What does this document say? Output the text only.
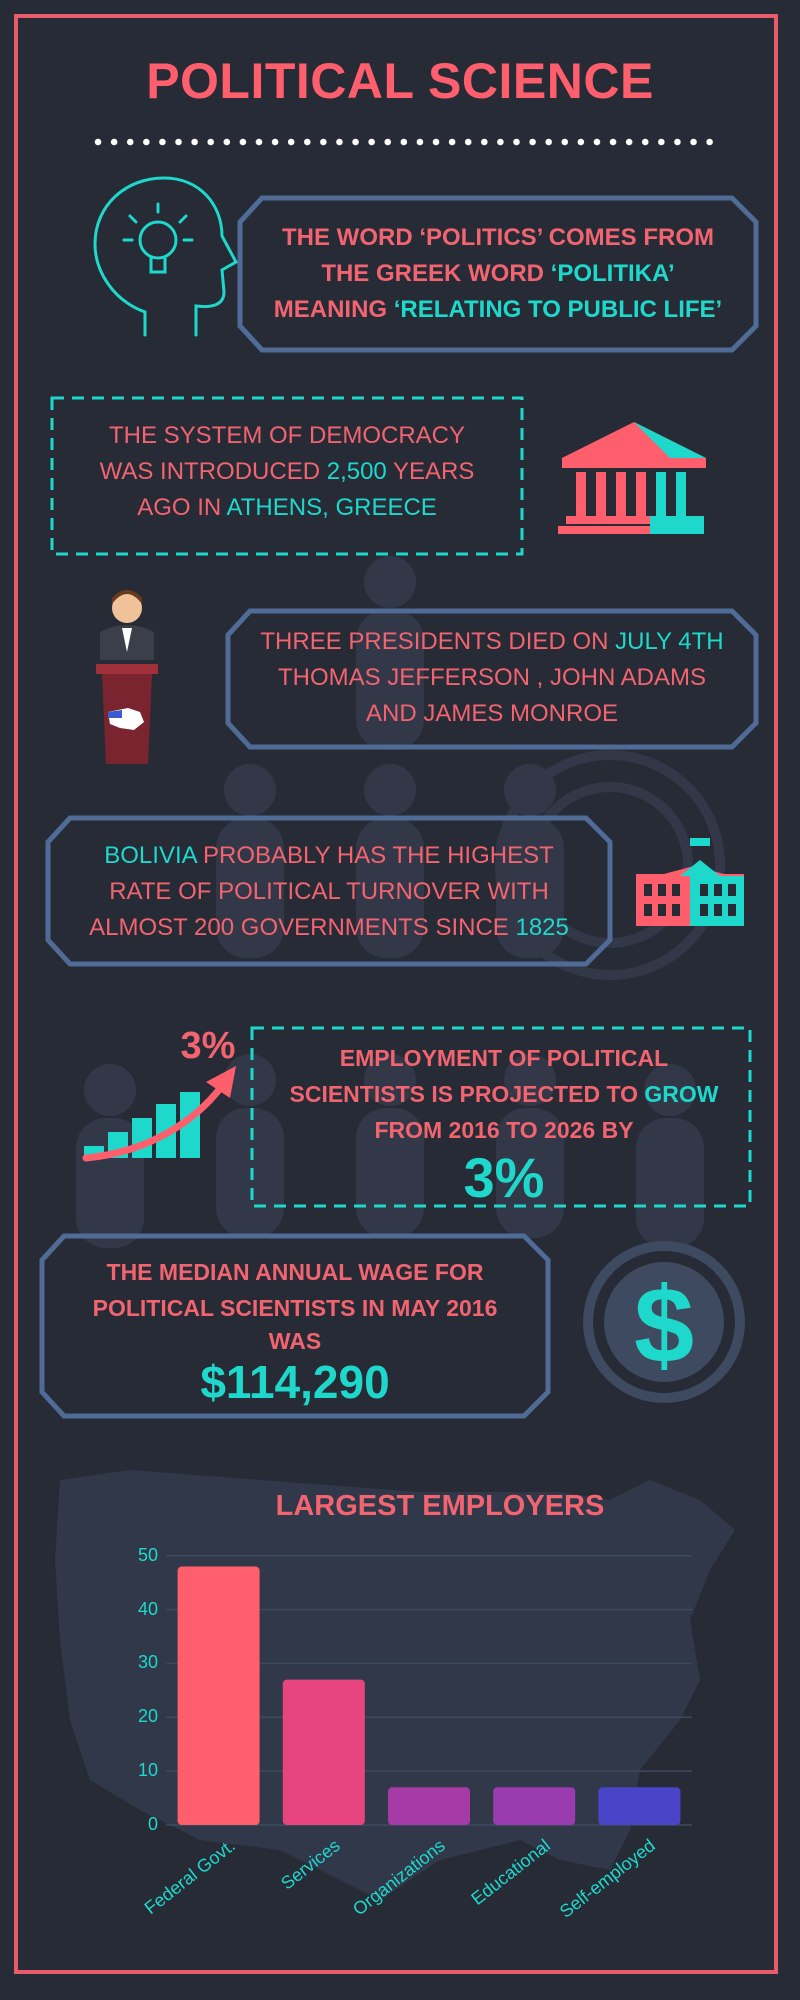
$
POLITICAL SCIENCE
THE WORD ‘POLITICS’ COMES FROM
THE GREEK WORD ‘POLITIKA’
MEANING ‘RELATING TO PUBLIC LIFE’
THE SYSTEM OF DEMOCRACY
WAS INTRODUCED 2,500 YEARS
AGO IN ATHENS, GREECE
THREE PRESIDENTS DIED ON JULY 4TH
THOMAS JEFFERSON , JOHN ADAMS
AND JAMES MONROE
BOLIVIA PROBABLY HAS THE HIGHEST
RATE OF POLITICAL TURNOVER WITH
ALMOST 200 GOVERNMENTS SINCE 1825
3%	EMPLOYMENT OF POLITICAL
SCIENTISTS IS PROJECTED TO GROW
FROM 2016 TO 2026 BY
3%
THE MEDIAN ANNUAL WAGE FOR
POLITICAL SCIENTISTS IN MAY 2016
WAS
$114,290
LARGEST EMPLOYERS
0
10
20
30
40
50
Federal Govt.	Services Organizations	Educational Self-employed
